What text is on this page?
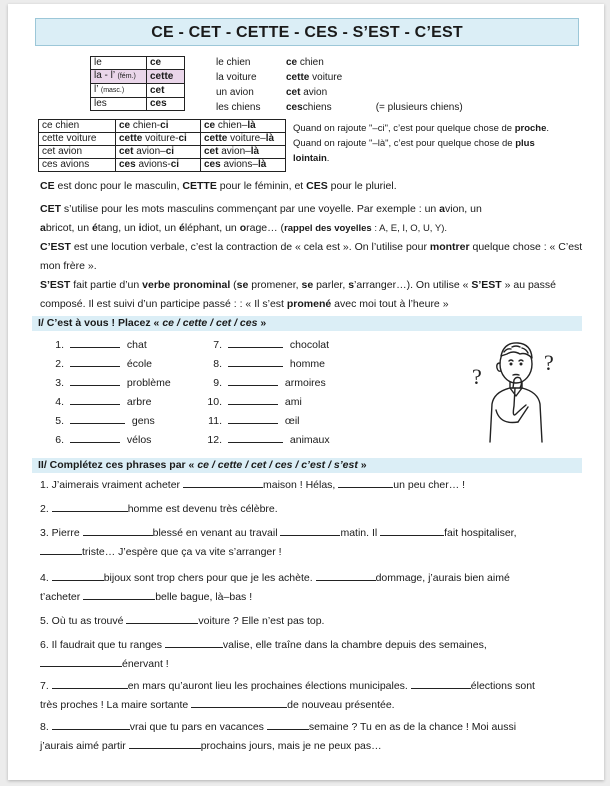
CE - CET - CETTE - CES - S’EST - C’EST
le	ce
la - l’ (fém.)	cette
l’ (masc.)	cet
les	ces
le chien	ce chien
la voiture	cette voiture
un avion	cet avion
les chiens	ceschiens	(= plusieurs chiens)
ce chien	ce chien-ci	ce chien–là
cette voiture	cette voiture-ci	cette voiture–là
cet avion	cet avion–ci	cet avion–là
ces avions	ces avions-ci	ces avions–là
Quand on rajoute "–ci", c’est pour quelque chose de proche.
Quand on rajoute "–là", c’est pour quelque chose de plus
lointain.
CE est donc pour le masculin, CETTE pour le féminin, et CES pour le pluriel.
CET s’utilise pour les mots masculins commençant par une voyelle. Par exemple : un avion, un
abricot, un étang, un idiot, un éléphant, un orage… (rappel des voyelles : A, E, I, O, U, Y).
C’EST est une locution verbale, c’est la contraction de « cela est ». On l’utilise pour montrer quelque chose : « C’est
mon frère ».
S’EST fait partie d’un verbe pronominal (se promener, se parler, s’arranger…). On utilise « S’EST » au passé
composé. Il est suivi d’un participe passé : : « Il s’est promené avec moi tout à l’heure »
I/ C’est à vous ! Placez « ce / cette / cet / ces »
1.	chat
2.	école
3.	problème
4.	arbre
5.	gens
6.	vélos
7.	chocolat
8.	homme
9.	armoires
10.	ami
11.	œil
12.	animaux
?
?
II/ Complétez ces phrases par « ce / cette / cet / ces / c’est / s’est »
1. J’aimerais vraiment acheter	maison ! Hélas,	un peu cher… !
2.	homme est devenu très célèbre.
3. Pierre	blessé en venant au travail	matin. Il	fait hospitaliser,
triste… J’espère que ça va vite s’arranger !
4.	bijoux sont trop chers pour que je les achète.	dommage, j’aurais bien aimé
t’acheter	belle bague, là–bas !
5. Où tu as trouvé	voiture ? Elle n’est pas top.
6. Il faudrait que tu ranges	valise, elle traîne dans la chambre depuis des semaines,
énervant !
7.	en mars qu’auront lieu les prochaines élections municipales.	élections sont
très proches ! La maire sortante	de nouveau présentée.
8.	vrai que tu pars en vacances	semaine ? Tu en as de la chance ! Moi aussi
j’aurais aimé partir	prochains jours, mais je ne peux pas…
